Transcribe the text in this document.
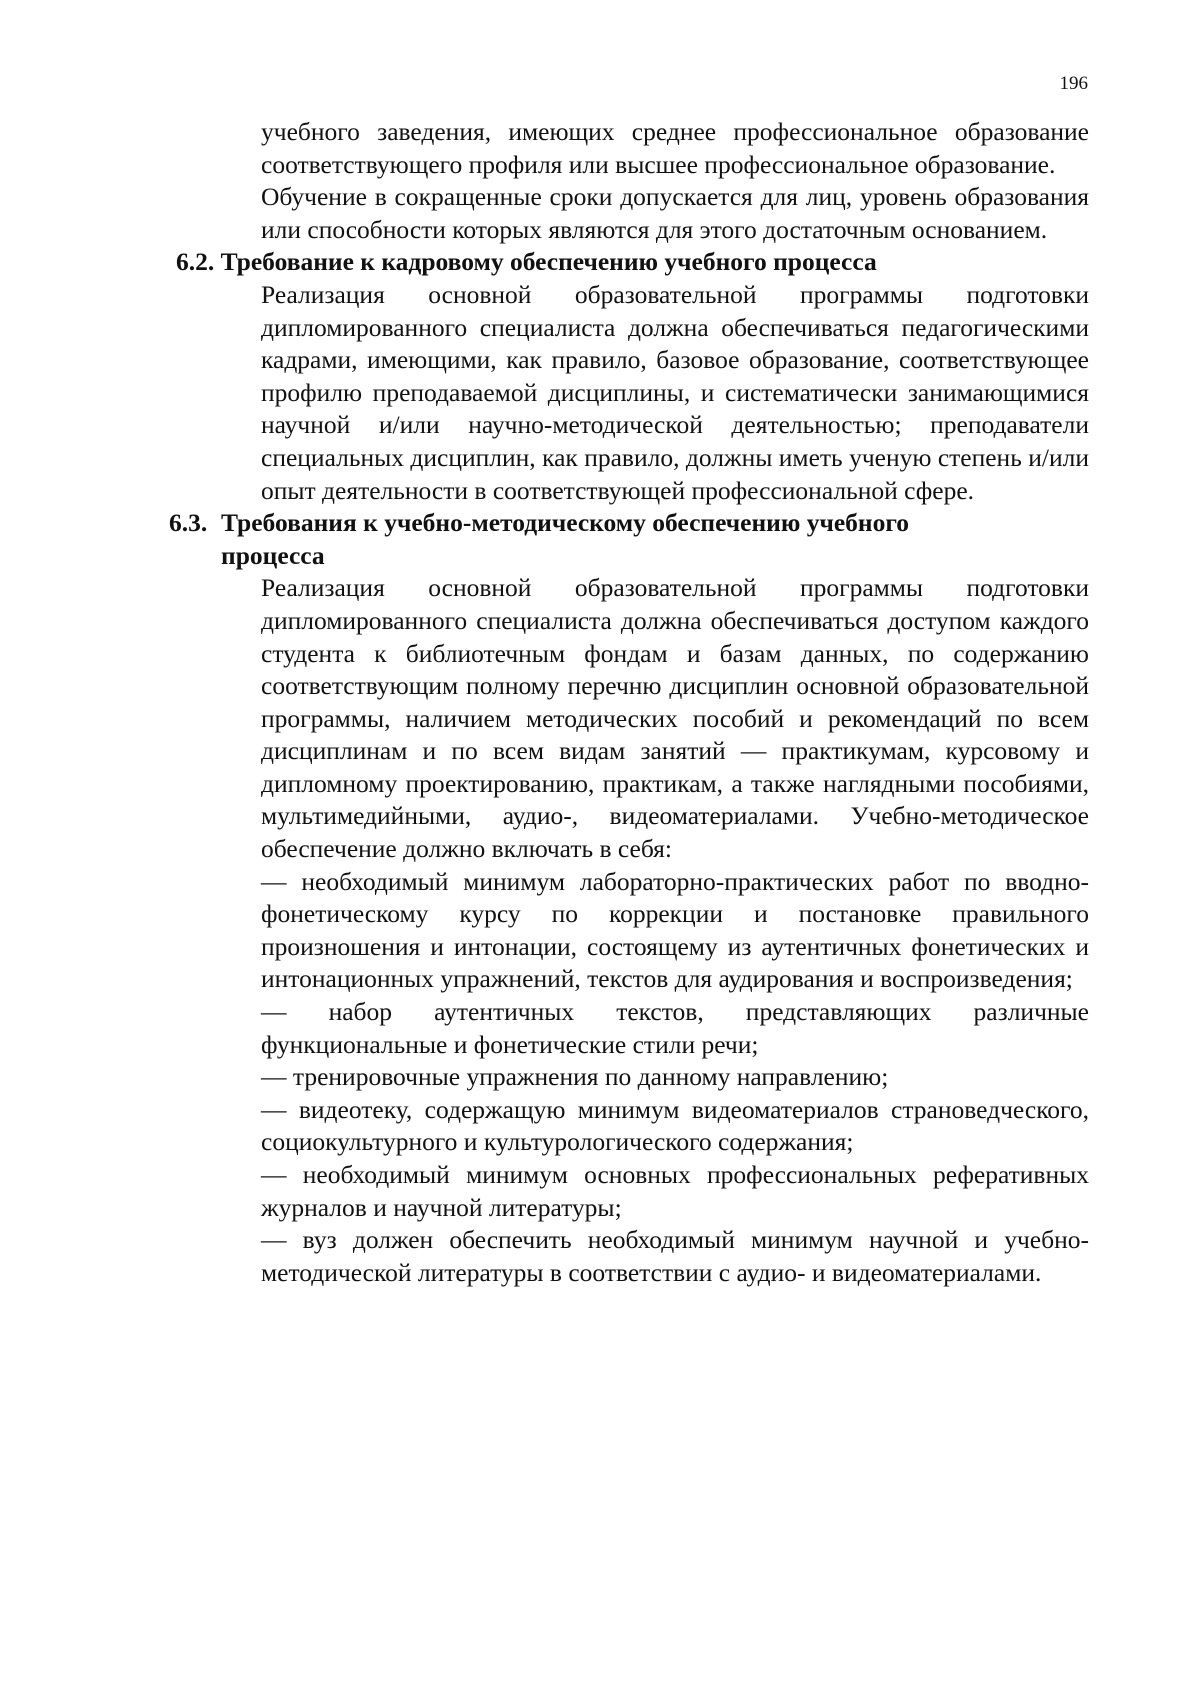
196

учебного заведения, имеющих среднее профессиональное образование соответствующего профиля или высшее профессиональное образование.

Обучение в сокращенные сроки допускается для лиц, уровень образования или способности которых являются для этого достаточным основанием.

6.2. Требование к кадровому обеспечению учебного процесса

Реализация основной образовательной программы подготовки дипломированного специалиста должна обеспечиваться педагогическими кадрами, имеющими, как правило, базовое образование, соответствующее профилю преподаваемой дисциплины, и систематически занимающимися научной и/или научно-методической деятельностью; преподаватели специальных дисциплин, как правило, должны иметь ученую степень и/или опыт деятельности в соответствующей профессиональной сфере.

6.3. Требования к учебно-методическому обеспечению учебного
процесса

Реализация основной образовательной программы подготовки дипломированного специалиста должна обеспечиваться доступом каждого студента к библиотечным фондам и базам данных, по содержанию соответствующим полному перечню дисциплин основной образовательной программы, наличием методических пособий и рекомендаций по всем дисциплинам и по всем видам занятий — практикумам, курсовому и дипломному проектированию, практикам, а также наглядными пособиями, мультимедийными, аудио-, видеоматериалами. Учебно-методическое обеспечение должно включать в себя:

— необходимый минимум лабораторно-практических работ по вводно-фонетическому курсу по коррекции и постановке правильного произношения и интонации, состоящему из аутентичных фонетических и интонационных упражнений, текстов для аудирования и воспроизведения;

— набор аутентичных текстов, представляющих различные функциональные и фонетические стили речи;

— тренировочные упражнения по данному направлению;

— видеотеку, содержащую минимум видеоматериалов страноведческого, социокультурного и культурологического содержания;

— необходимый минимум основных профессиональных реферативных журналов и научной литературы;

— вуз должен обеспечить необходимый минимум научной и учебно-методической литературы в соответствии с аудио- и видеоматериалами.
